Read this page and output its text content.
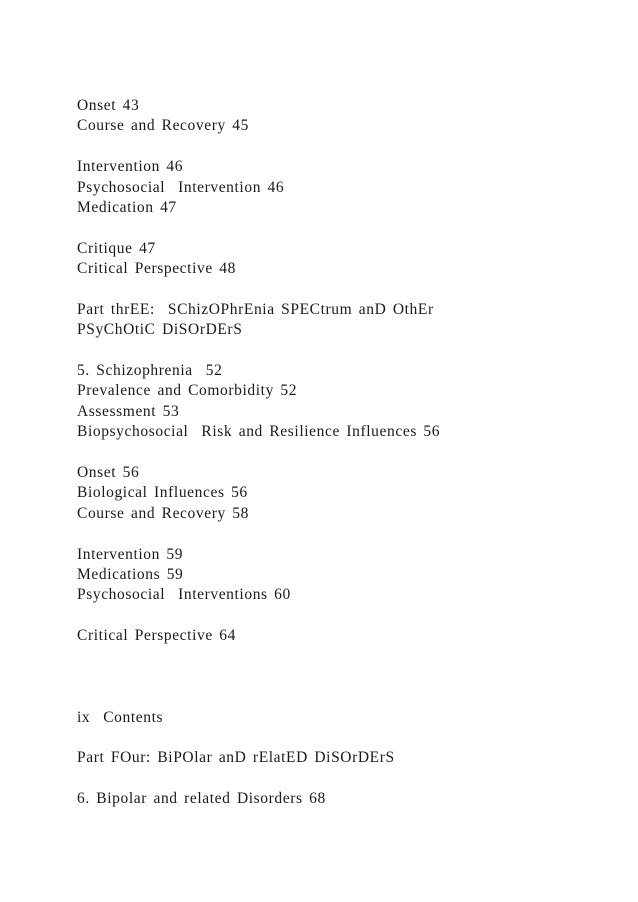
Onset 43
Course and Recovery 45
Intervention 46
Psychosocial  Intervention 46
Medication 47
Critique 47
Critical Perspective 48
Part thrEE:  SChizOPhrEnia SPECtrum anD OthEr
PSyChOtiC DiSOrDErS
5. Schizophrenia  52
Prevalence and Comorbidity 52
Assessment 53
Biopsychosocial  Risk and Resilience Influences 56
Onset 56
Biological Influences 56
Course and Recovery 58
Intervention 59
Medications 59
Psychosocial  Interventions 60
Critical Perspective 64
ix  Contents
Part FOur: BiPOlar anD rElatED DiSOrDErS
6. Bipolar and related Disorders 68
